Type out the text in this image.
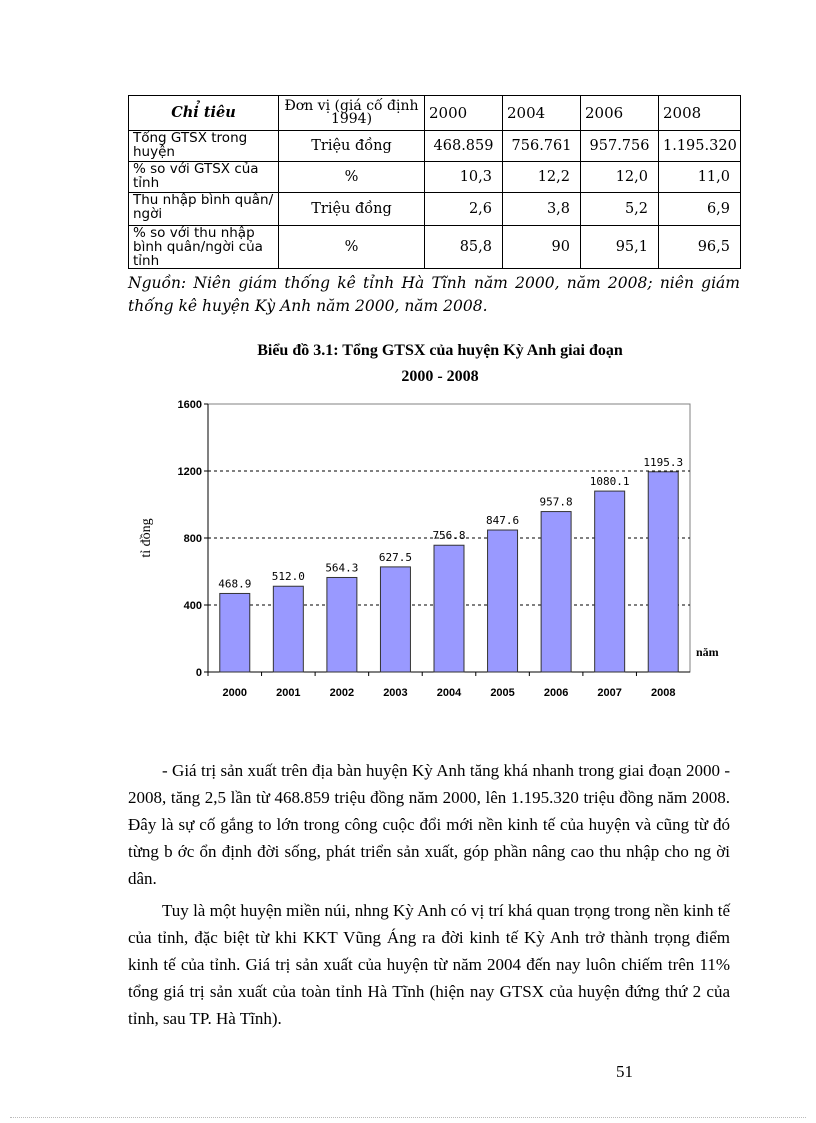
Chỉ tiêu	Đơn vị (giá cố định 1994)	2000	2004	2006	2008
Tổng GTSX trong huyện	Triệu đồng	468.859	756.761	957.756	1.195.320
% so với GTSX của tỉnh	%	10,3	12,2	12,0	11,0
Thu nhập bình quân/ ngời	Triệu đồng	2,6	3,8	5,2	6,9
% so với thu nhập bình quân/ngời của tỉnh	%	85,8	90	95,1	96,5
Nguồn: Niên giám thống kê tỉnh Hà Tĩnh năm 2000, năm 2008; niên giám thống kê huyện Kỳ Anh năm 2000, năm 2008.
Biểu đồ 3.1: Tổng GTSX của huyện Kỳ Anh giai đoạn
2000 - 2008
0
400
800
1200
1600
468.9
2000
512.0
2001
564.3
2002
627.5
2003
756.8
2004
847.6
2005
957.8
2006
1080.1
2007
1195.3
2008
tỉ đồng
năm

- Giá trị sản xuất trên địa bàn huyện Kỳ Anh tăng khá nhanh trong giai đoạn 2000 - 2008, tăng 2,5 lần từ 468.859 triệu đồng năm 2000, lên 1.195.320 triệu đồng năm 2008. Đây là sự cố gắng to lớn trong công cuộc đổi mới nền kinh tế của huyện và cũng từ đó từng b ớc ổn định đời sống, phát triển sản xuất, góp phần nâng cao thu nhập cho ng ời dân.

Tuy là một huyện miền núi, nhng Kỳ Anh có vị trí khá quan trọng trong nền kinh tế của tỉnh, đặc biệt từ khi KKT Vũng Áng ra đời kinh tế Kỳ Anh trở thành trọng điểm kinh tế của tỉnh. Giá trị sản xuất của huyện từ năm 2004 đến nay luôn chiếm trên 11% tổng giá trị sản xuất của toàn tỉnh Hà Tĩnh (hiện nay GTSX của huyện đứng thứ 2 của tỉnh, sau TP. Hà Tĩnh).

51
